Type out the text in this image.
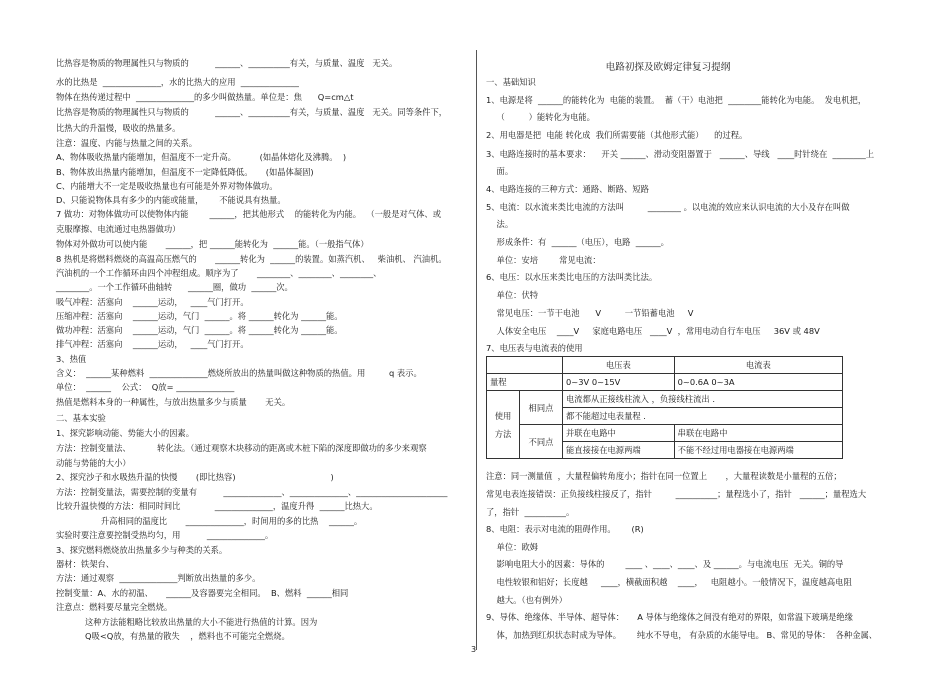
比热容是物质的物理属性只与物质的          ______、__________有关，与质量、温度   无关。
水的比热是  ______________，水的比热大的应用  ______________
物体在热传递过程中  ______________的多少叫做热量。单位是：焦      Q=cm△t
比热容是物质的物理属性只与物质的          ______、__________有关，与质量、温度   无关。同等条件下，
比热大的升温慢，吸收的热量多。
注意：温度、内能与热量之间的关系。
A、物体吸收热量内能增加，但温度不一定升高。         (如晶体熔化及沸腾。  )
B、物体放出热量内能增加，但温度不一定降低降低。     (如晶体凝固)
C、内能增大不一定是吸收热量也有可能是外界对物体做功。
D、只能说物体具有多少的内能或能量，      不能说具有热量。
7 做功：对物体做功可以使物体内能        ______，把其他形式    的能转化为内能。  （一般是对气体、或
克服摩擦、电流通过电热器做功）
物体对外做功可以使内能       ______，把 ______能转化为  ______能。（一般指气体）
8 热机是将燃料燃烧的高温高压燃气的       ______转化为  ______的装置。如蒸汽机、   柴油机、 汽油机。
汽油机的一个工作循环由四个冲程组成。顺序为了       ________、________、________、
________。一个工作循环曲轴转      ______圈，做功  ______次。
吸气冲程：活塞向    ______运动，   ____气门打开。
压缩冲程：活塞向    ______运动，气门  ______。将 ______转化为 ______能。
做功冲程：活塞向    ______运动，气门  ______。将 ______转化为 ______能。
排气冲程：活塞向    ______运动，   ____气门打开。
3、热值
含义：  ______某种燃料  ______________燃烧所放出的热量叫做这种物质的热值。用         q 表示。
单位：  ______    公式：  Q放= ______________
热值是燃料本身的一种属性，与放出热量多少与质量       无关。
二、基本实验
1、探究影响动能、势能大小的因素。
方法：控制变量法、          转化法。（通过观察木块移动的距离或木桩下陷的深度即做功的多少来观察
动能与势能的大小）
2、探究沙子和水吸热升温的快慢       (即比热容)                                    )
方法：控制变量法，需要控制的变量有          ______________、______________、______________________
比较升温快慢的方法：相同时间比             ______________，温度升得  ______比热大。
升高相同的温度比       ______________，时间用的多的比热    ______。
实验时要注意要控制受热均匀，用          ______________。
3、探究燃料燃烧放出热量多少与种类的关系。
器材：铁架台、
方法：通过观察  ______________判断放出热量的多少。
控制变量：A、水的初温、     ______及容器要完全相同。  B、燃料  ______相同
注意点：燃料要尽量完全燃烧。
这种方法能粗略比较放出热量的大小不能进行热值的计算。因为
Q吸<Q放，有热量的散失    ，燃料也不可能完全燃烧。
电路初探及欧姆定律复习提纲
		电压表	电流表
量程		0~3V 0~15V	0~0.6A 0~3A
使用
方法	相同点	电流都从正接线柱流入 ，负接线柱流出 .	
		都不能超过电表量程 .	
	不同点	并联在电路中	串联在电路中
		能直接接在电源两端	不能不经过用电器接在电源两端
一、基础知识
1、电源是将  ______的能转化为  电能的装置。  蓄（干）电池把  ________能转化为电能。  发电机把，
（         ）能转化为电能。
2、用电器是把  电能 转化成  我们所需要能（其他形式能）    的过程。
3、电路连接时的基本要求：    开关 ______、滑动变阻器置于   ______、导线   ____时针绕在  ________上
面。
4、电路连接的三种方式：通路、断路、短路
5、电流：以水流来类比电流的方法叫         ________ 。以电流的效应来认识电流的大小及存在叫做
法。
形成条件：有  ______（电压），电路  ______。
单位：安培        常见电流：
6、电压：以水压来类比电压的方法叫类比法。
单位：伏特
常见电压：一节干电池      V         一节铅蓄电池     V
人体安全电压    ____V     家庭电路电压   ____V  ，常用电动自行车电压     36V 或 48V
7、电压表与电流表的使用
注意：同一测量值  ，大量程偏转角度小；指针在同一位置上       ，大量程读数是小量程的五倍；
常见电表连接错误：正负接线柱接反了，指针         __________；量程选小了，指针   ______；量程选大
了，指针  __________。
8、电阻：表示对电流的阻碍作用。      (R)
单位：欧姆
影响电阻大小的因素：导体的        ____ 、____、____、及 ______。与电流电压  无关。铜的导
电性较银和铝好；长度越     ____，横截面积越    ____，   电阻越小。一般情况下，温度越高电阻
越大。（也有例外）
9、导体、绝缘体、半导体、超导体：     A 导体与绝缘体之间没有绝对的界限，如常温下玻璃是绝缘
体，加热到红炽状态时成为导体。      纯水不导电， 有杂质的水能导电。 B、常见的导体：  各种金属、
3
